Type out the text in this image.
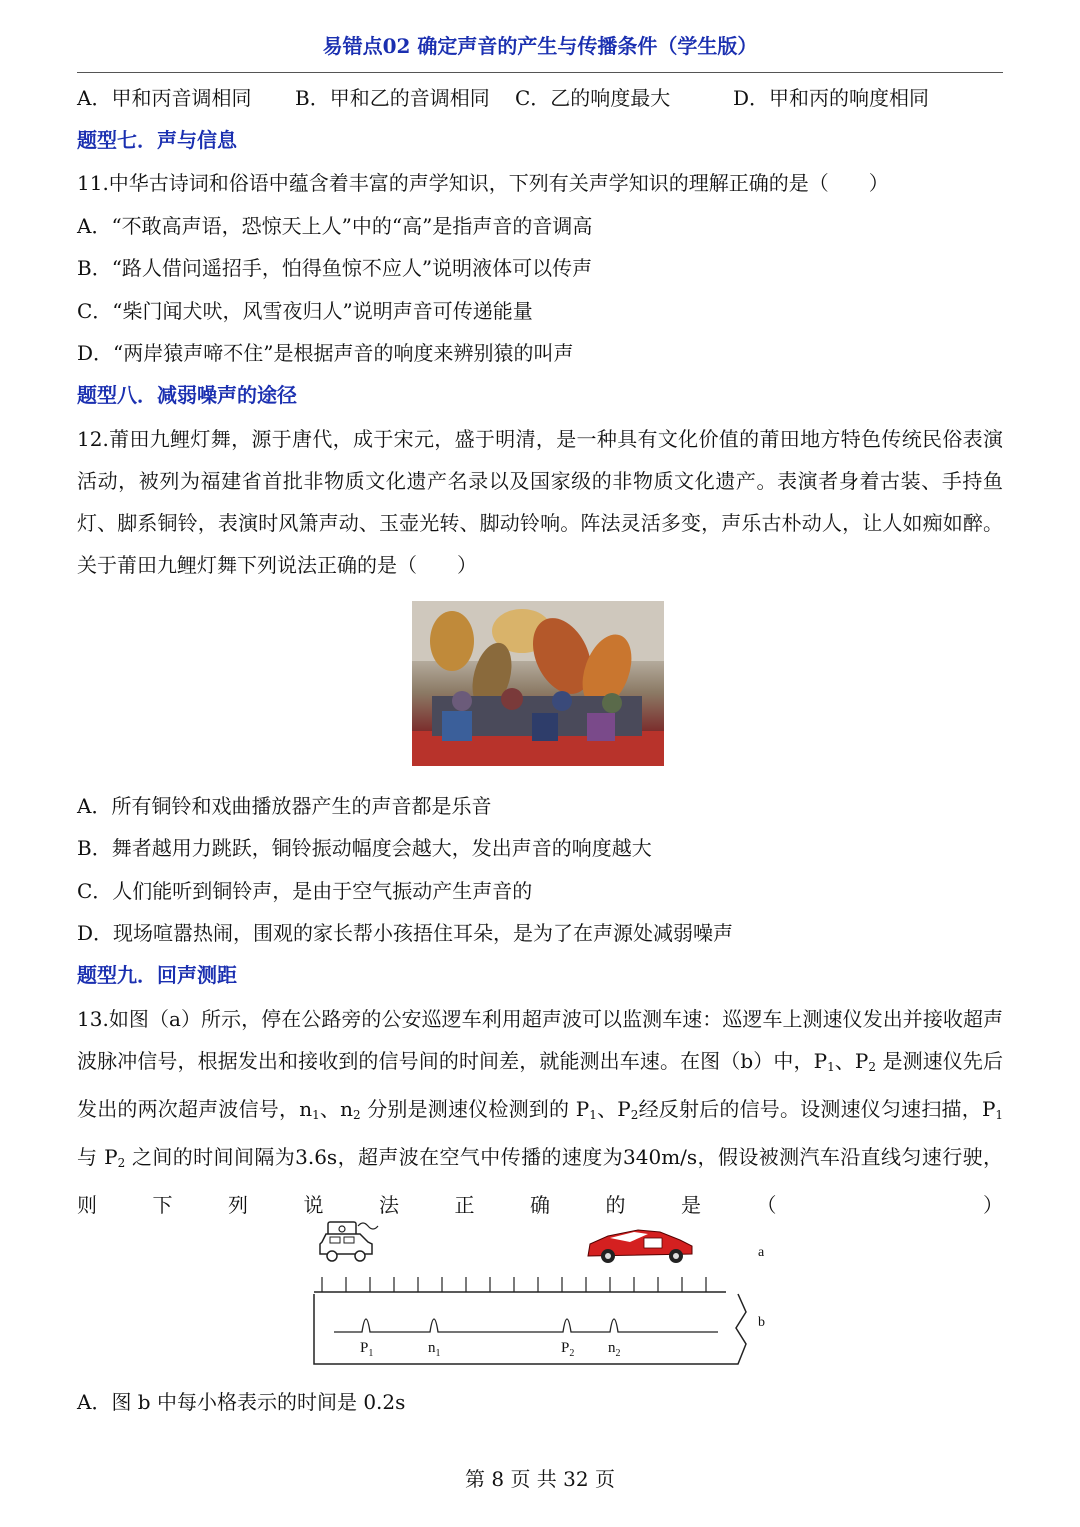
易错点02 确定声音的产生与传播条件（学生版）
A．甲和丙音调相同 B．甲和乙的音调相同 C．乙的响度最大	D．甲和丙的响度相同
题型七．声与信息
11.中华古诗词和俗语中蕴含着丰富的声学知识，下列有关声学知识的理解正确的是（　　）
A．“不敢高声语，恐惊天上人”中的“高”是指声音的音调高
B．“路人借问遥招手，怕得鱼惊不应人”说明液体可以传声
C．“柴门闻犬吠，风雪夜归人”说明声音可传递能量
D．“两岸猿声啼不住”是根据声音的响度来辨别猿的叫声
题型八．减弱噪声的途径
12.莆田九鲤灯舞，源于唐代，成于宋元，盛于明清，是一种具有文化价值的莆田地方特色传统民俗表演活动，被列为福建省首批非物质文化遗产名录以及国家级的非物质文化遗产。表演者身着古装、手持鱼灯、脚系铜铃，表演时风箫声动、玉壶光转、脚动铃响。阵法灵活多变，声乐古朴动人，让人如痴如醉。关于莆田九鲤灯舞下列说法正确的是（　　）
A．所有铜铃和戏曲播放器产生的声音都是乐音
B．舞者越用力跳跃，铜铃振动幅度会越大，发出声音的响度越大
C．人们能听到铜铃声，是由于空气振动产生声音的
D．现场喧嚣热闹，围观的家长帮小孩捂住耳朵，是为了在声源处减弱噪声
题型九．回声测距
13.如图（a）所示，停在公路旁的公安巡逻车利用超声波可以监测车速：巡逻车上测速仪发出并接收超声波脉冲信号，根据发出和接收到的信号间的时间差，就能测出车速。在图（b）中，$P_1$、$P_2$ 是测速仪先后发出的两次超声波信号，$n_1$、$n_2$ 分别是测速仪检测到的 $P_1$、$P_2$经反射后的信号。设测速仪匀速扫描，$P_1$ 与 $P_2$ 之间的时间间隔为3.6s，超声波在空气中传播的速度为340m/s，假设被测汽车沿直线匀速行驶，则下列说法正确的是（　　）
a
b
$P_1$	$n_1$	$P_2$ $n_2$
A．图 b 中每小格表示的时间是 0.2s
第 8 页 共 32 页
